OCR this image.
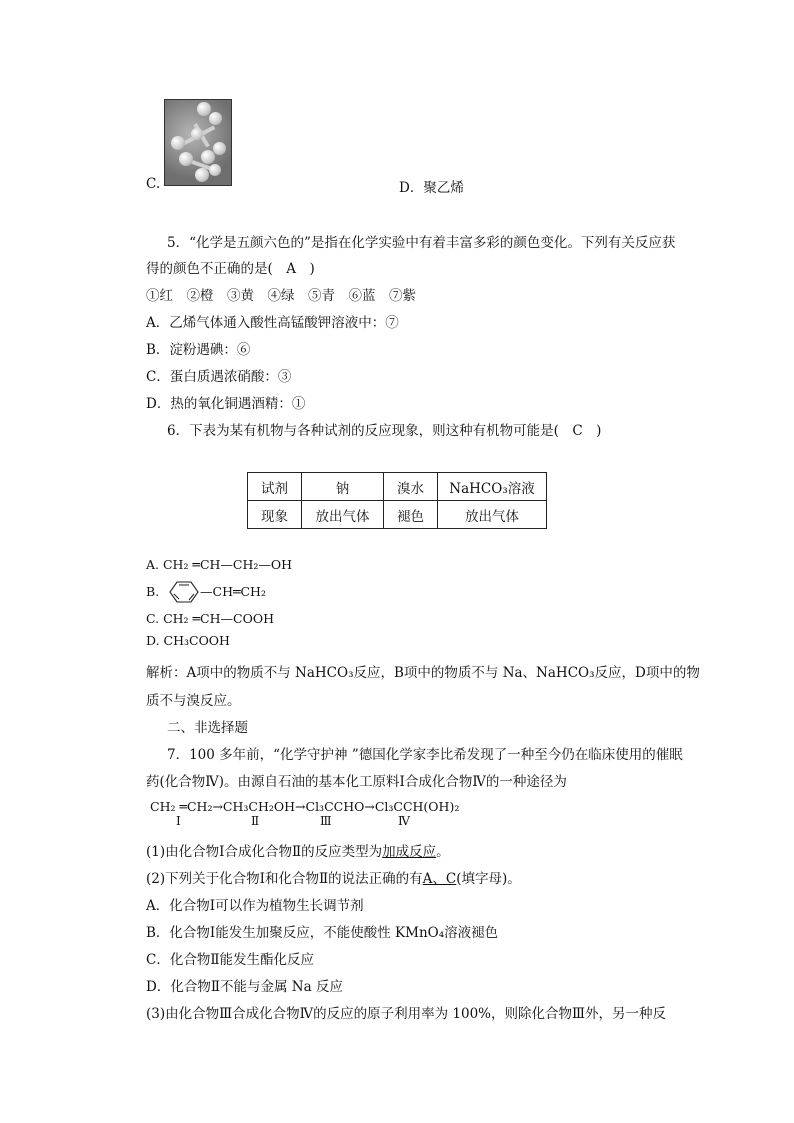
C.	D．聚乙烯
5．“化学是五颜六色的”是指在化学实验中有着丰富多彩的颜色变化。下列有关反应获
得的颜色不正确的是(　A　)
①红　②橙　③黄　④绿　⑤青　⑥蓝　⑦紫
A．乙烯气体通入酸性高锰酸钾溶液中：⑦
B．淀粉遇碘：⑥
C．蛋白质遇浓硝酸：③
D．热的氧化铜遇酒精：①
6．下表为某有机物与各种试剂的反应现象，则这种有机物可能是(　C　)
试剂	钠	溴水	NaHCO₃溶液
现象	放出气体	褪色	放出气体
A. CH₂ ═CH—CH₂—OH
B.	—CH═CH₂
C. CH₂ ═CH—COOH
D. CH₃COOH
解析：A项中的物质不与 NaHCO₃反应，B项中的物质不与 Na、NaHCO₃反应，D项中的物
质不与溴反应。
二、非选择题
7．100 多年前，“化学守护神 ”德国化学家李比希发现了一种至今仍在临床使用的催眠
药(化合物Ⅳ)。由源自石油的基本化工原料Ⅰ合成化合物Ⅳ的一种途径为
CH₂ ═CH₂→CH₃CH₂OH→Cl₃CCHO→Cl₃CCH(OH)₂
Ⅰ	Ⅱ	Ⅲ	Ⅳ
(1)由化合物Ⅰ合成化合物Ⅱ的反应类型为加成反应。
(2)下列关于化合物Ⅰ和化合物Ⅱ的说法正确的有A、C(填字母)。
A．化合物Ⅰ可以作为植物生长调节剂
B．化合物Ⅰ能发生加聚反应，不能使酸性 KMnO₄溶液褪色
C．化合物Ⅱ能发生酯化反应
D．化合物Ⅱ不能与金属 Na 反应
(3)由化合物Ⅲ合成化合物Ⅳ的反应的原子利用率为 100%，则除化合物Ⅲ外，另一种反
